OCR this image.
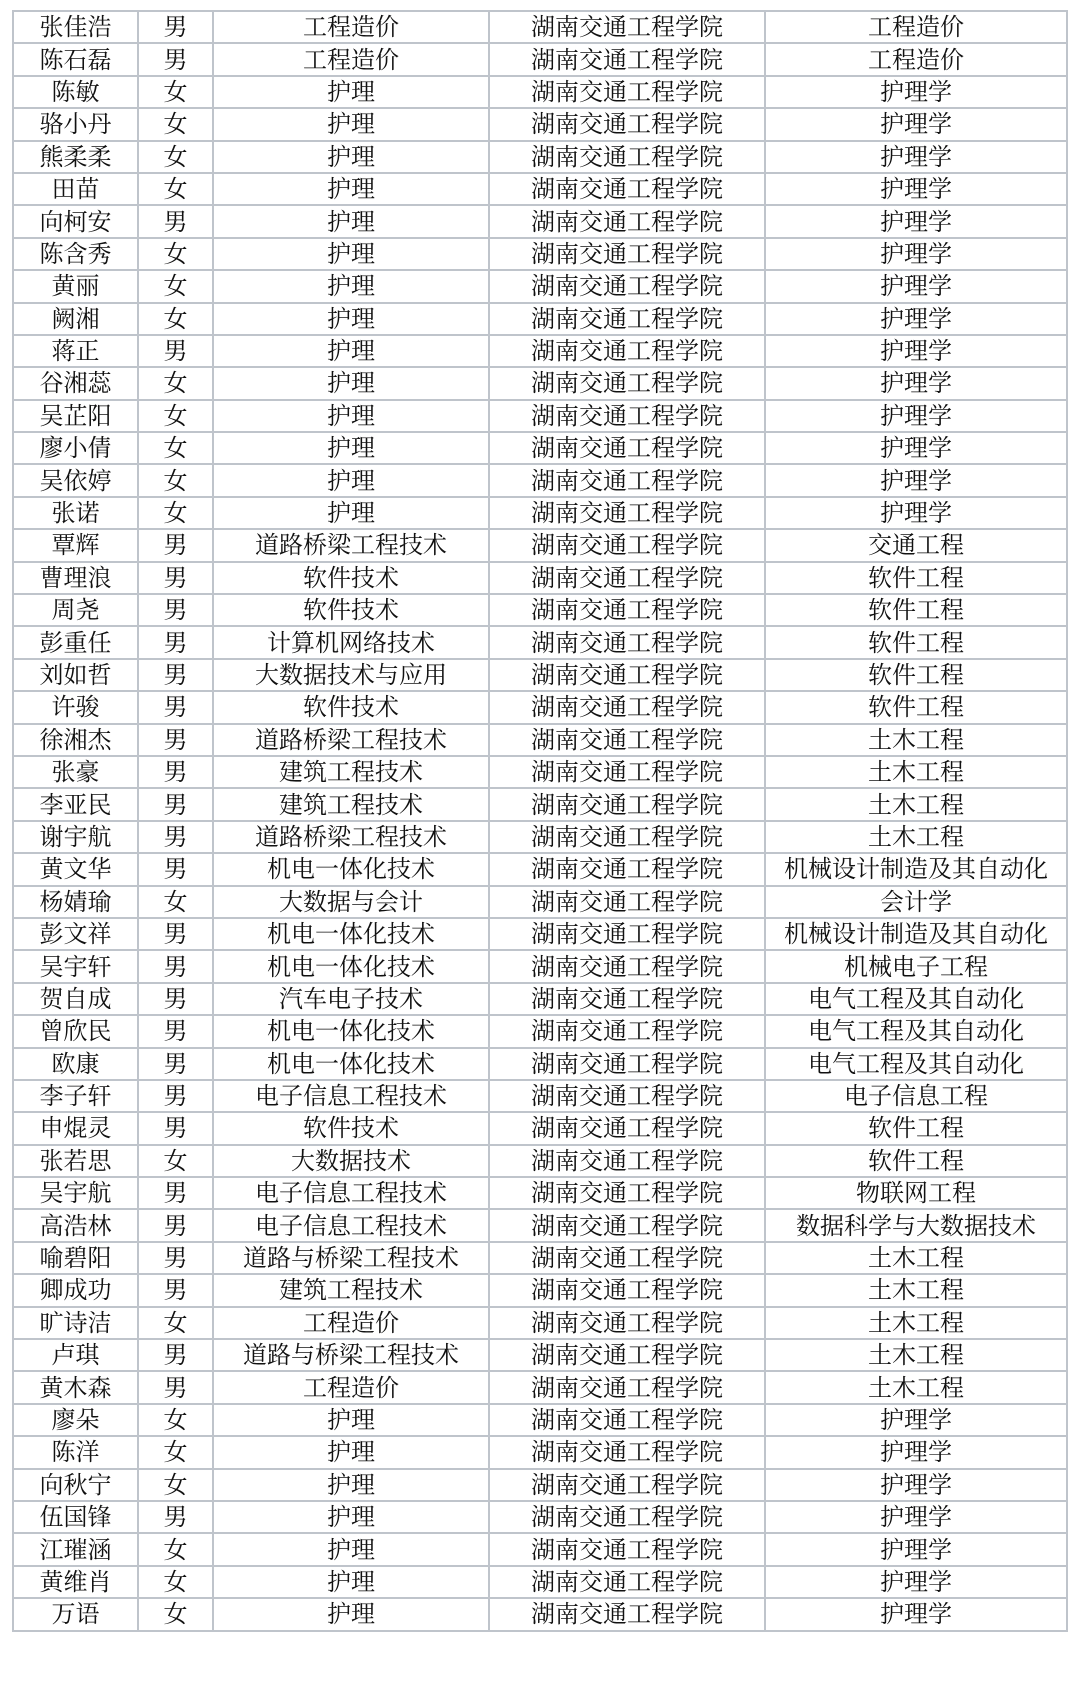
张佳浩	男	工程造价	湖南交通工程学院	工程造价
陈石磊	男	工程造价	湖南交通工程学院	工程造价
陈敏	女	护理	湖南交通工程学院	护理学
骆小丹	女	护理	湖南交通工程学院	护理学
熊柔柔	女	护理	湖南交通工程学院	护理学
田苗	女	护理	湖南交通工程学院	护理学
向柯安	男	护理	湖南交通工程学院	护理学
陈含秀	女	护理	湖南交通工程学院	护理学
黄丽	女	护理	湖南交通工程学院	护理学
阙湘	女	护理	湖南交通工程学院	护理学
蒋正	男	护理	湖南交通工程学院	护理学
谷湘蕊	女	护理	湖南交通工程学院	护理学
吴芷阳	女	护理	湖南交通工程学院	护理学
廖小倩	女	护理	湖南交通工程学院	护理学
吴依婷	女	护理	湖南交通工程学院	护理学
张诺	女	护理	湖南交通工程学院	护理学
覃辉	男	道路桥梁工程技术	湖南交通工程学院	交通工程
曹理浪	男	软件技术	湖南交通工程学院	软件工程
周尧	男	软件技术	湖南交通工程学院	软件工程
彭重任	男	计算机网络技术	湖南交通工程学院	软件工程
刘如哲	男	大数据技术与应用	湖南交通工程学院	软件工程
许骏	男	软件技术	湖南交通工程学院	软件工程
徐湘杰	男	道路桥梁工程技术	湖南交通工程学院	土木工程
张豪	男	建筑工程技术	湖南交通工程学院	土木工程
李亚民	男	建筑工程技术	湖南交通工程学院	土木工程
谢宇航	男	道路桥梁工程技术	湖南交通工程学院	土木工程
黄文华	男	机电一体化技术	湖南交通工程学院	机械设计制造及其自动化
杨婧瑜	女	大数据与会计	湖南交通工程学院	会计学
彭文祥	男	机电一体化技术	湖南交通工程学院	机械设计制造及其自动化
吴宇轩	男	机电一体化技术	湖南交通工程学院	机械电子工程
贺自成	男	汽车电子技术	湖南交通工程学院	电气工程及其自动化
曾欣民	男	机电一体化技术	湖南交通工程学院	电气工程及其自动化
欧康	男	机电一体化技术	湖南交通工程学院	电气工程及其自动化
李子轩	男	电子信息工程技术	湖南交通工程学院	电子信息工程
申焜灵	男	软件技术	湖南交通工程学院	软件工程
张若思	女	大数据技术	湖南交通工程学院	软件工程
吴宇航	男	电子信息工程技术	湖南交通工程学院	物联网工程
高浩林	男	电子信息工程技术	湖南交通工程学院	数据科学与大数据技术
喻碧阳	男	道路与桥梁工程技术	湖南交通工程学院	土木工程
卿成功	男	建筑工程技术	湖南交通工程学院	土木工程
旷诗洁	女	工程造价	湖南交通工程学院	土木工程
卢琪	男	道路与桥梁工程技术	湖南交通工程学院	土木工程
黄木森	男	工程造价	湖南交通工程学院	土木工程
廖朵	女	护理	湖南交通工程学院	护理学
陈洋	女	护理	湖南交通工程学院	护理学
向秋宁	女	护理	湖南交通工程学院	护理学
伍国锋	男	护理	湖南交通工程学院	护理学
江璀涵	女	护理	湖南交通工程学院	护理学
黄维肖	女	护理	湖南交通工程学院	护理学
万语	女	护理	湖南交通工程学院	护理学
